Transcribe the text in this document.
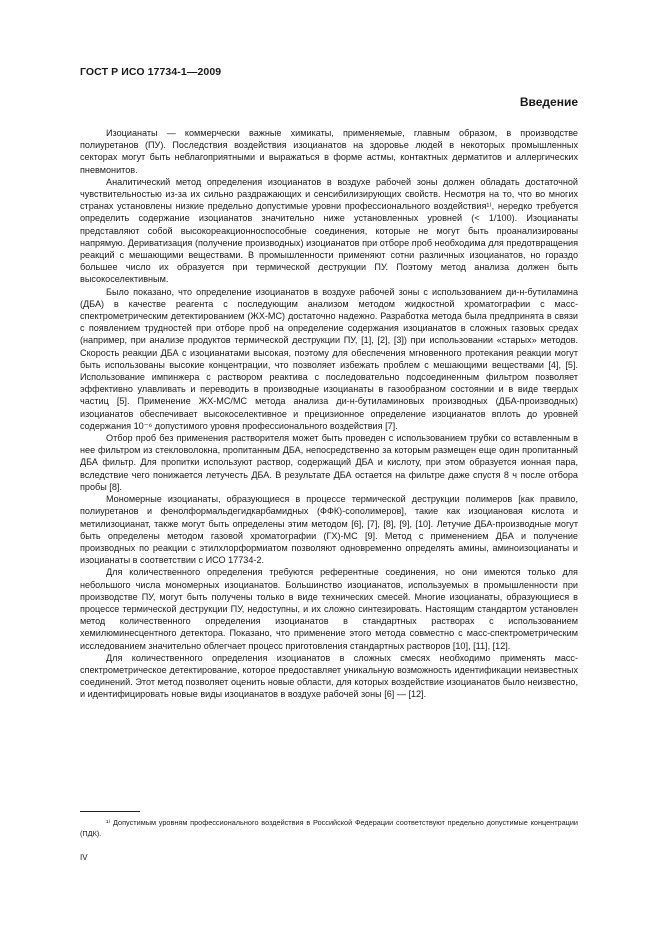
ГОСТ Р ИСО 17734-1—2009
Введение

Изоцианаты — коммерчески важные химикаты, применяемые, главным образом, в производстве полиуретанов (ПУ). Последствия воздействия изоцианатов на здоровье людей в некоторых промышленных секторах могут быть неблагоприятными и выражаться в форме астмы, контактных дерматитов и аллергических пневмонитов.

Аналитический метод определения изоцианатов в воздухе рабочей зоны должен обладать достаточной чувствительностью из-за их сильно раздражающих и сенсибилизирующих свойств. Несмотря на то, что во многих странах установлены низкие предельно допустимые уровни профессионального воздействия¹⁾, нередко требуется определить содержание изоцианатов значительно ниже установленных уровней (< 1/100). Изоцианаты представляют собой высокореакционноспособные соединения, которые не могут быть проанализированы напрямую. Дериватизация (получение производных) изоцианатов при отборе проб необходима для предотвращения реакций с мешающими веществами. В промышленности применяют сотни различных изоцианатов, но гораздо большее число их образуется при термической деструкции ПУ. Поэтому метод анализа должен быть высокоселективным.

Было показано, что определение изоцианатов в воздухе рабочей зоны с использованием ди-н-бутиламина (ДБА) в качестве реагента с последующим анализом методом жидкостной хроматографии с масс-спектрометрическим детектированием (ЖХ-МС) достаточно надежно. Разработка метода была предпринята в связи с появлением трудностей при отборе проб на определение содержания изоцианатов в сложных газовых средах (например, при анализе продуктов термической деструкции ПУ, [1], [2], [3]) при использовании «старых» методов. Скорость реакции ДБА с изоцианатами высокая, поэтому для обеспечения мгновенного протекания реакции могут быть использованы высокие концентрации, что позволяет избежать проблем с мешающими веществами [4], [5]. Использование импинжера с раствором реактива с последовательно подсоединенным фильтром позволяет эффективно улавливать и переводить в производные изоцианаты в газообразном состоянии и в виде твердых частиц [5]. Применение ЖХ-МС/МС метода анализа ди-н-бутиламиновых производных (ДБА-производных) изоцианатов обеспечивает высокоселективное и прецизионное определение изоцианатов вплоть до уровней содержания 10⁻⁶ допустимого уровня профессионального воздействия [7].

Отбор проб без применения растворителя может быть проведен с использованием трубки со вставленным в нее фильтром из стекловолокна, пропитанным ДБА, непосредственно за которым размещен еще один пропитанный ДБА фильтр. Для пропитки используют раствор, содержащий ДБА и кислоту, при этом образуется ионная пара, вследствие чего понижается летучесть ДБА. В результате ДБА остается на фильтре даже спустя 8 ч после отбора пробы [8].

Мономерные изоцианаты, образующиеся в процессе термической деструкции полимеров [как правило, полиуретанов и фенолформальдегидкарбамидных (ФФК)-сополимеров], такие как изоциановая кислота и метилизоцианат, также могут быть определены этим методом [6], [7], [8], [9], [10]. Летучие ДБА-производные могут быть определены методом газовой хроматографии (ГХ)-МС [9]. Метод с применением ДБА и получение производных по реакции с этилхлорформиатом позволяют одновременно определять амины, аминоизоцианаты и изоцианаты в соответствии с ИСО 17734-2.

Для количественного определения требуются референтные соединения, но они имеются только для небольшого числа мономерных изоцианатов. Большинство изоцианатов, используемых в промышленности при производстве ПУ, могут быть получены только в виде технических смесей. Многие изоцианаты, образующиеся в процессе термической деструкции ПУ, недоступны, и их сложно синтезировать. Настоящим стандартом установлен метод количественного определения изоцианатов в стандартных растворах с использованием хемилюминесцентного детектора. Показано, что применение этого метода совместно с масс-спектрометрическим исследованием значительно облегчает процесс приготовления стандартных растворов [10], [11], [12].

Для количественного определения изоцианатов в сложных смесях необходимо применять масс-спектрометрическое детектирование, которое предоставляет уникальную возможность идентификации неизвестных соединений. Этот метод позволяет оценить новые области, для которых воздействие изоцианатов было неизвестно, и идентифицировать новые виды изоцианатов в воздухе рабочей зоны [6] — [12].

¹⁾ Допустимым уровням профессионального воздействия в Российской Федерации соответствуют предельно допустимые концентрации (ПДК).
IV
